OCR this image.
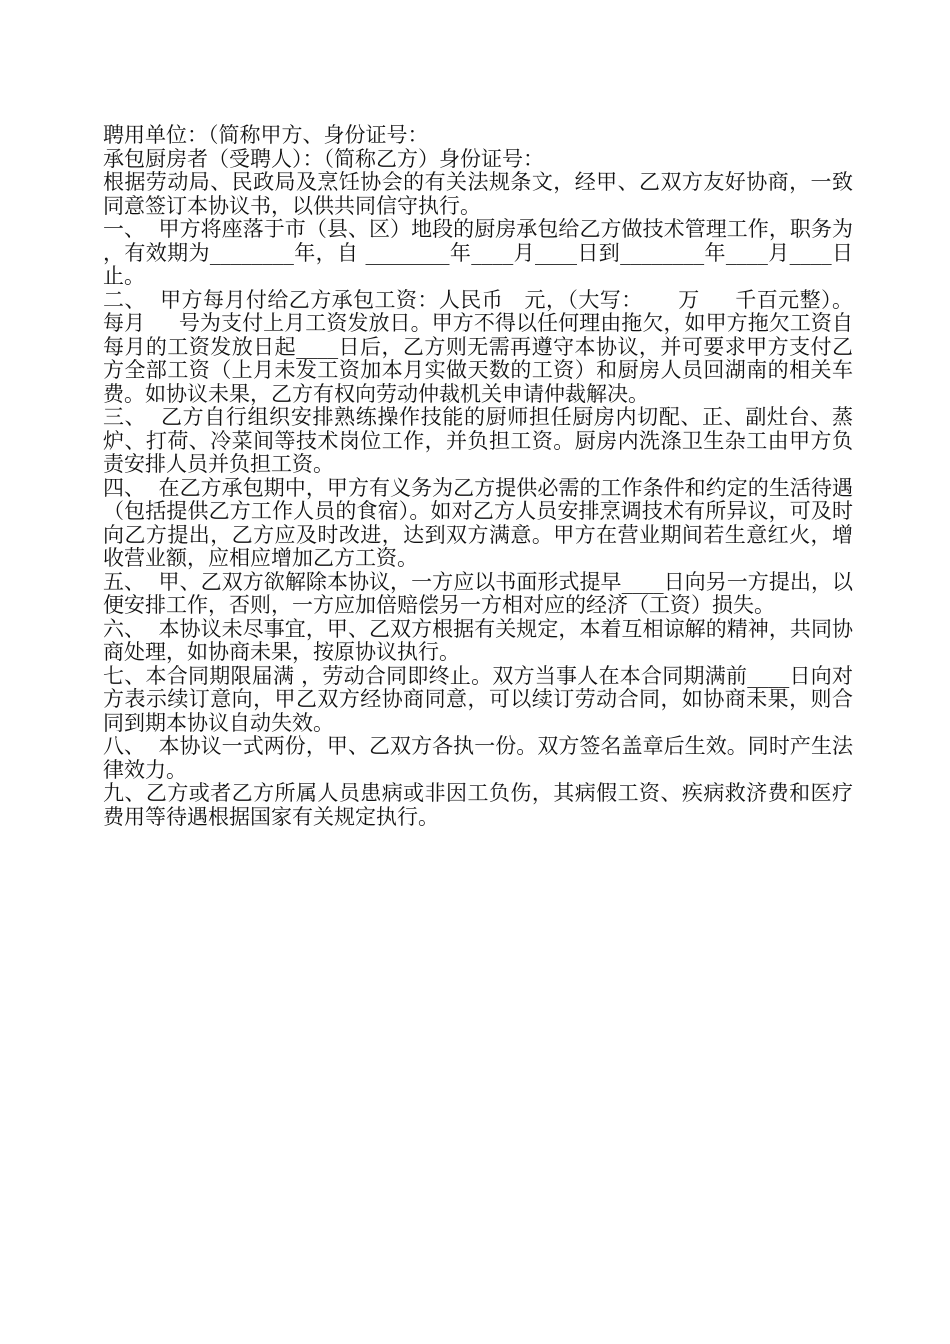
聘用单位：（简称甲方、身份证号：

承包厨房者（受聘人）：（简称乙方）身份证号：

根据劳动局、民政局及烹饪协会的有关法规条文，经甲、乙双方友好协商，一致同意签订本协议书，以供共同信守执行。

一、  甲方将座落于市（县、区）地段的厨房承包给乙方做技术管理工作，职务为        ，有效期为________年，自 ________年____月____日到________年____月____日 止。

二、  甲方每月付给乙方承包工资：人民币   元，（大写：     万     千百元整）。每月     号为支付上月工资发放日。甲方不得以任何理由拖欠，如甲方拖欠工资自每月的工资发放日起____日后，乙方则无需再遵守本协议，并可要求甲方支付乙方全部工资（上月未发工资加本月实做天数的工资）和厨房人员回湖南的相关车费。如协议未果，乙方有权向劳动仲裁机关申请仲裁解决。

三、  乙方自行组织安排熟练操作技能的厨师担任厨房内切配、正、副灶台、蒸炉、打荷、冷菜间等技术岗位工作，并负担工资。厨房内洗涤卫生杂工由甲方负责安排人员并负担工资。

四、  在乙方承包期中，甲方有义务为乙方提供必需的工作条件和约定的生活待遇（包括提供乙方工作人员的食宿）。如对乙方人员安排烹调技术有所异议，可及时向乙方提出，乙方应及时改进，达到双方满意。甲方在营业期间若生意红火，增收营业额，应相应增加乙方工资。

五、  甲、乙双方欲解除本协议，一方应以书面形式提早____日向另一方提出，以便安排工作，否则，一方应加倍赔偿另一方相对应的经济（工资）损失。

六、  本协议未尽事宜，甲、乙双方根据有关规定，本着互相谅解的精神，共同协商处理，如协商未果，按原协议执行。

七、本合同期限届满 ，劳动合同即终止。双方当事人在本合同期满前____日向对方表示续订意向，甲乙双方经协商同意，可以续订劳动合同，如协商未果，则合同到期本协议自动失效。

八、  本协议一式两份，甲、乙双方各执一份。双方签名盖章后生效。同时产生法律效力。

九、乙方或者乙方所属人员患病或非因工负伤，其病假工资、疾病救济费和医疗费用等待遇根据国家有关规定执行。
